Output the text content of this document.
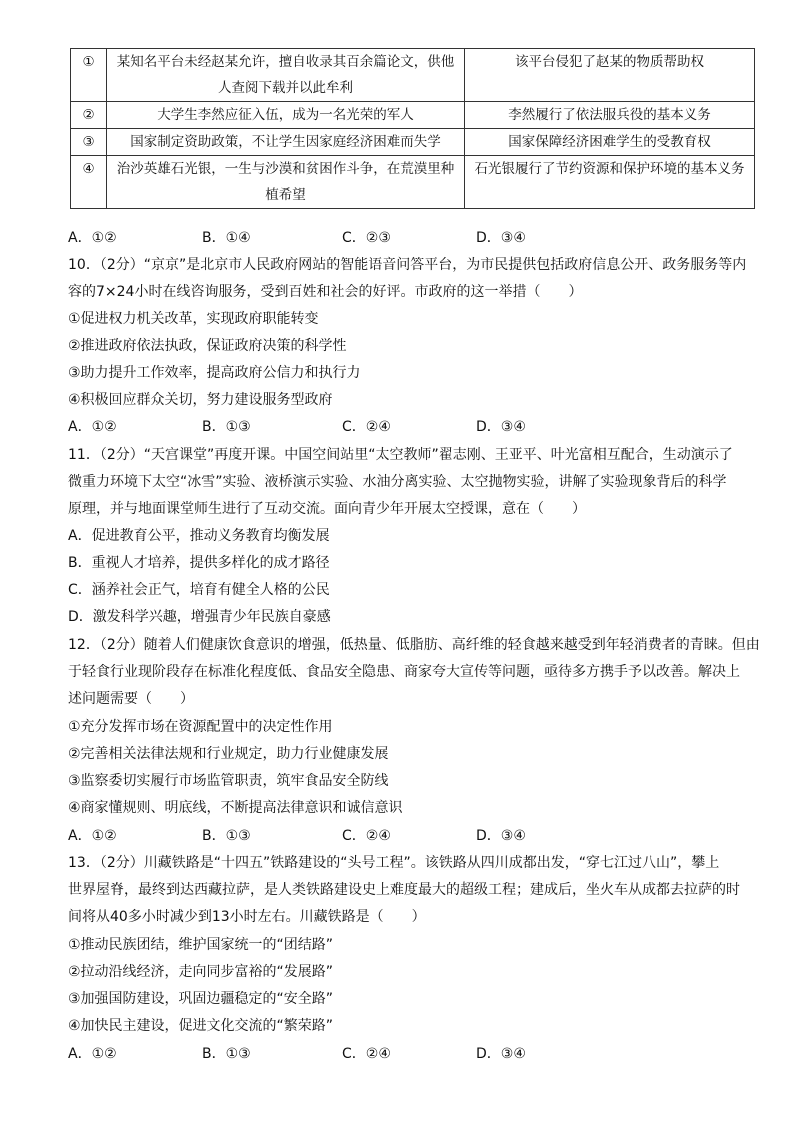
①	某知名平台未经赵某允许，擅自收录其百余篇论文，供他
人查阅下载并以此牟利	该平台侵犯了赵某的物质帮助权
②	大学生李然应征入伍，成为一名光荣的军人	李然履行了依法服兵役的基本义务
③	国家制定资助政策，不让学生因家庭经济困难而失学	国家保障经济困难学生的受教育权
④	治沙英雄石光银，一生与沙漠和贫困作斗争，在荒漠里种
植希望	石光银履行了节约资源和保护环境的基本义务
A．①②	B．①④	C．②③	D．③④
10．（2分）“京京”是北京市人民政府网站的智能语音问答平台，为市民提供包括政府信息公开、政务服务等内
容的7×24小时在线咨询服务，受到百姓和社会的好评。市政府的这一举措（　　）
①促进权力机关改革，实现政府职能转变
②推进政府依法执政，保证政府决策的科学性
③助力提升工作效率，提高政府公信力和执行力
④积极回应群众关切，努力建设服务型政府
A．①②	B．①③	C．②④	D．③④
11．（2分）“天宫课堂”再度开课。中国空间站里“太空教师”翟志刚、王亚平、叶光富相互配合，生动演示了
微重力环境下太空“冰雪”实验、液桥演示实验、水油分离实验、太空抛物实验，讲解了实验现象背后的科学
原理，并与地面课堂师生进行了互动交流。面向青少年开展太空授课，意在（　　）
A．促进教育公平，推动义务教育均衡发展
B．重视人才培养，提供多样化的成才路径
C．涵养社会正气，培育有健全人格的公民
D．激发科学兴趣，增强青少年民族自豪感
12．（2分）随着人们健康饮食意识的增强，低热量、低脂肪、高纤维的轻食越来越受到年轻消费者的青睐。但由
于轻食行业现阶段存在标准化程度低、食品安全隐患、商家夸大宣传等问题，亟待多方携手予以改善。解决上
述问题需要（　　）
①充分发挥市场在资源配置中的决定性作用
②完善相关法律法规和行业规定，助力行业健康发展
③监察委切实履行市场监管职责，筑牢食品安全防线
④商家懂规则、明底线，不断提高法律意识和诚信意识
A．①②	B．①③	C．②④	D．③④
13．（2分）川藏铁路是“十四五”铁路建设的“头号工程”。该铁路从四川成都出发，“穿七江过八山”，攀上
世界屋脊，最终到达西藏拉萨，是人类铁路建设史上难度最大的超级工程；建成后，坐火车从成都去拉萨的时
间将从40多小时减少到13小时左右。川藏铁路是（　　）
①推动民族团结，维护国家统一的“团结路”
②拉动沿线经济，走向同步富裕的“发展路”
③加强国防建设，巩固边疆稳定的“安全路”
④加快民主建设，促进文化交流的“繁荣路”
A．①②	B．①③	C．②④	D．③④
